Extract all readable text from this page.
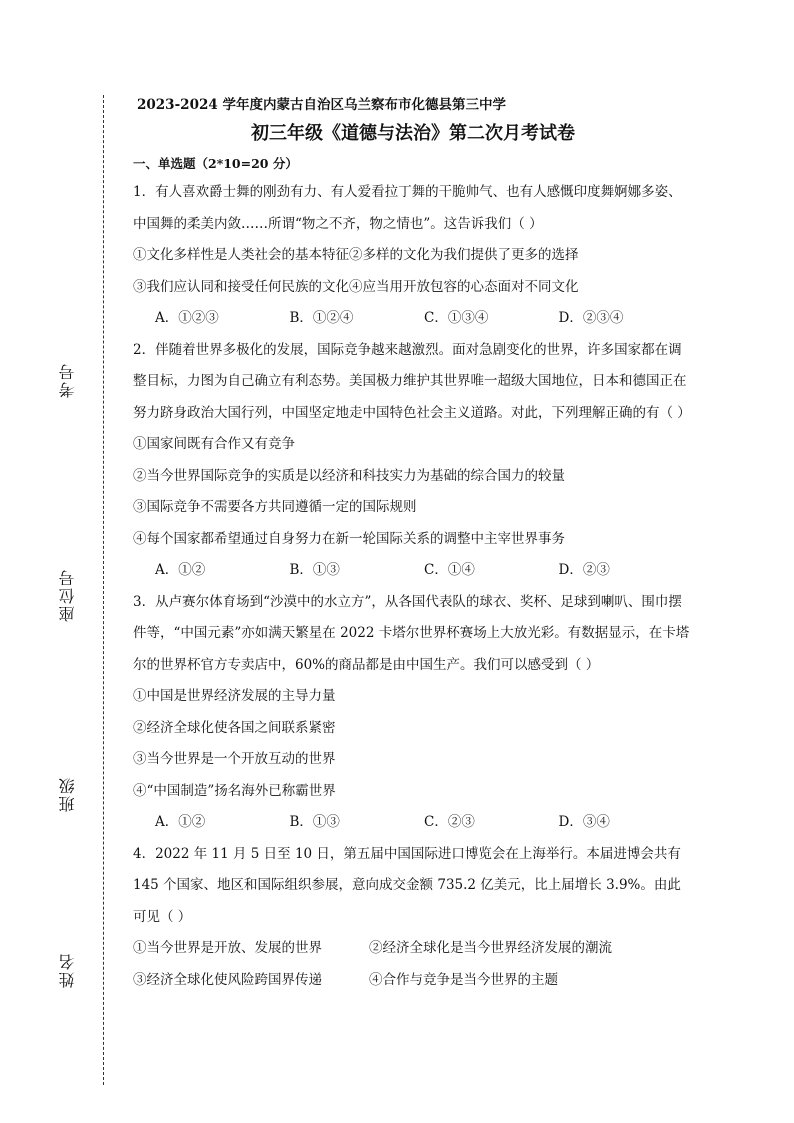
考号
座位号
班级
姓名
2023-2024 学年度内蒙古自治区乌兰察布市化德县第三中学
初三年级《道德与法治》第二次月考试卷
一、单选题（2*10=20 分）

1．有人喜欢爵士舞的刚劲有力、有人爱看拉丁舞的干脆帅气、也有人感慨印度舞婀娜多姿、中国舞的柔美内敛……所谓“物之不齐，物之情也”。这告诉我们（ ）

①文化多样性是人类社会的基本特征②多样的文化为我们提供了更多的选择

③我们应认同和接受任何民族的文化④应当用开放包容的心态面对不同文化

A．①②③	B．①②④	C．①③④	D．②③④

2．伴随着世界多极化的发展，国际竞争越来越激烈。面对急剧变化的世界，许多国家都在调整目标，力图为自己确立有利态势。美国极力维护其世界唯一超级大国地位，日本和德国正在努力跻身政治大国行列，中国坚定地走中国特色社会主义道路。对此，下列理解正确的有（ ）

①国家间既有合作又有竞争

②当今世界国际竞争的实质是以经济和科技实力为基础的综合国力的较量

③国际竞争不需要各方共同遵循一定的国际规则

④每个国家都希望通过自身努力在新一轮国际关系的调整中主宰世界事务

A．①②	B．①③	C．①④	D．②③

3．从卢赛尔体育场到“沙漠中的水立方”，从各国代表队的球衣、奖杯、足球到喇叭、围巾摆件等，“中国元素”亦如满天繁星在 2022 卡塔尔世界杯赛场上大放光彩。有数据显示，在卡塔尔的世界杯官方专卖店中，60%的商品都是由中国生产。我们可以感受到（ ）

①中国是世界经济发展的主导力量

②经济全球化使各国之间联系紧密

③当今世界是一个开放互动的世界

④“中国制造”扬名海外已称霸世界

A．①②	B．①③	C．②③	D．③④

4．2022 年 11 月 5 日至 10 日，第五届中国国际进口博览会在上海举行。本届进博会共有 145 个国家、地区和国际组织参展，意向成交金额 735.2 亿美元，比上届增长 3.9%。由此可见（ ）

①当今世界是开放、发展的世界	②经济全球化是当今世界经济发展的潮流
③经济全球化使风险跨国界传递	④合作与竞争是当今世界的主题
